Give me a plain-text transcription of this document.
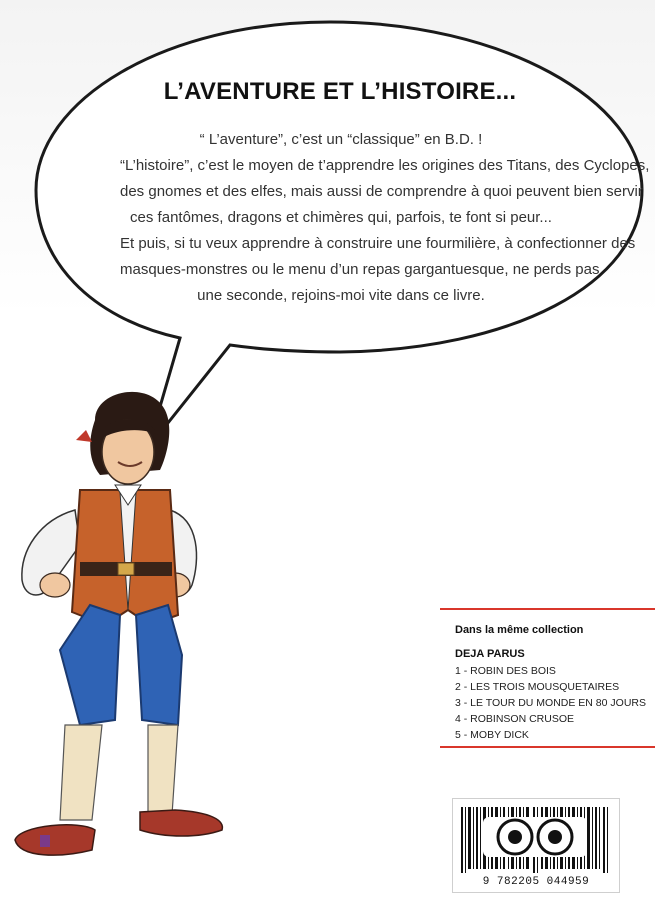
L’AVENTURE ET L’HISTOIRE...
“ L’aventure”, c’est un “classique” en B.D. !
“L’histoire”, c’est le moyen de t’apprendre les origines des Titans, des Cyclopes,
des gnomes et des elfes, mais aussi de comprendre à quoi peuvent bien servir
ces fantômes, dragons et chimères qui, parfois, te font si peur...
Et puis, si tu veux apprendre à construire une fourmilière, à confectionner des
masques-monstres ou le menu d’un repas gargantuesque, ne perds pas
une seconde, rejoins-moi vite dans ce livre.
Dans la même collection
DEJA PARUS
1 - ROBIN DES BOIS
2 - LES TROIS MOUSQUETAIRES
3 - LE TOUR DU MONDE EN 80 JOURS
4 - ROBINSON CRUSOE
5 - MOBY DICK
9 782205 044959
